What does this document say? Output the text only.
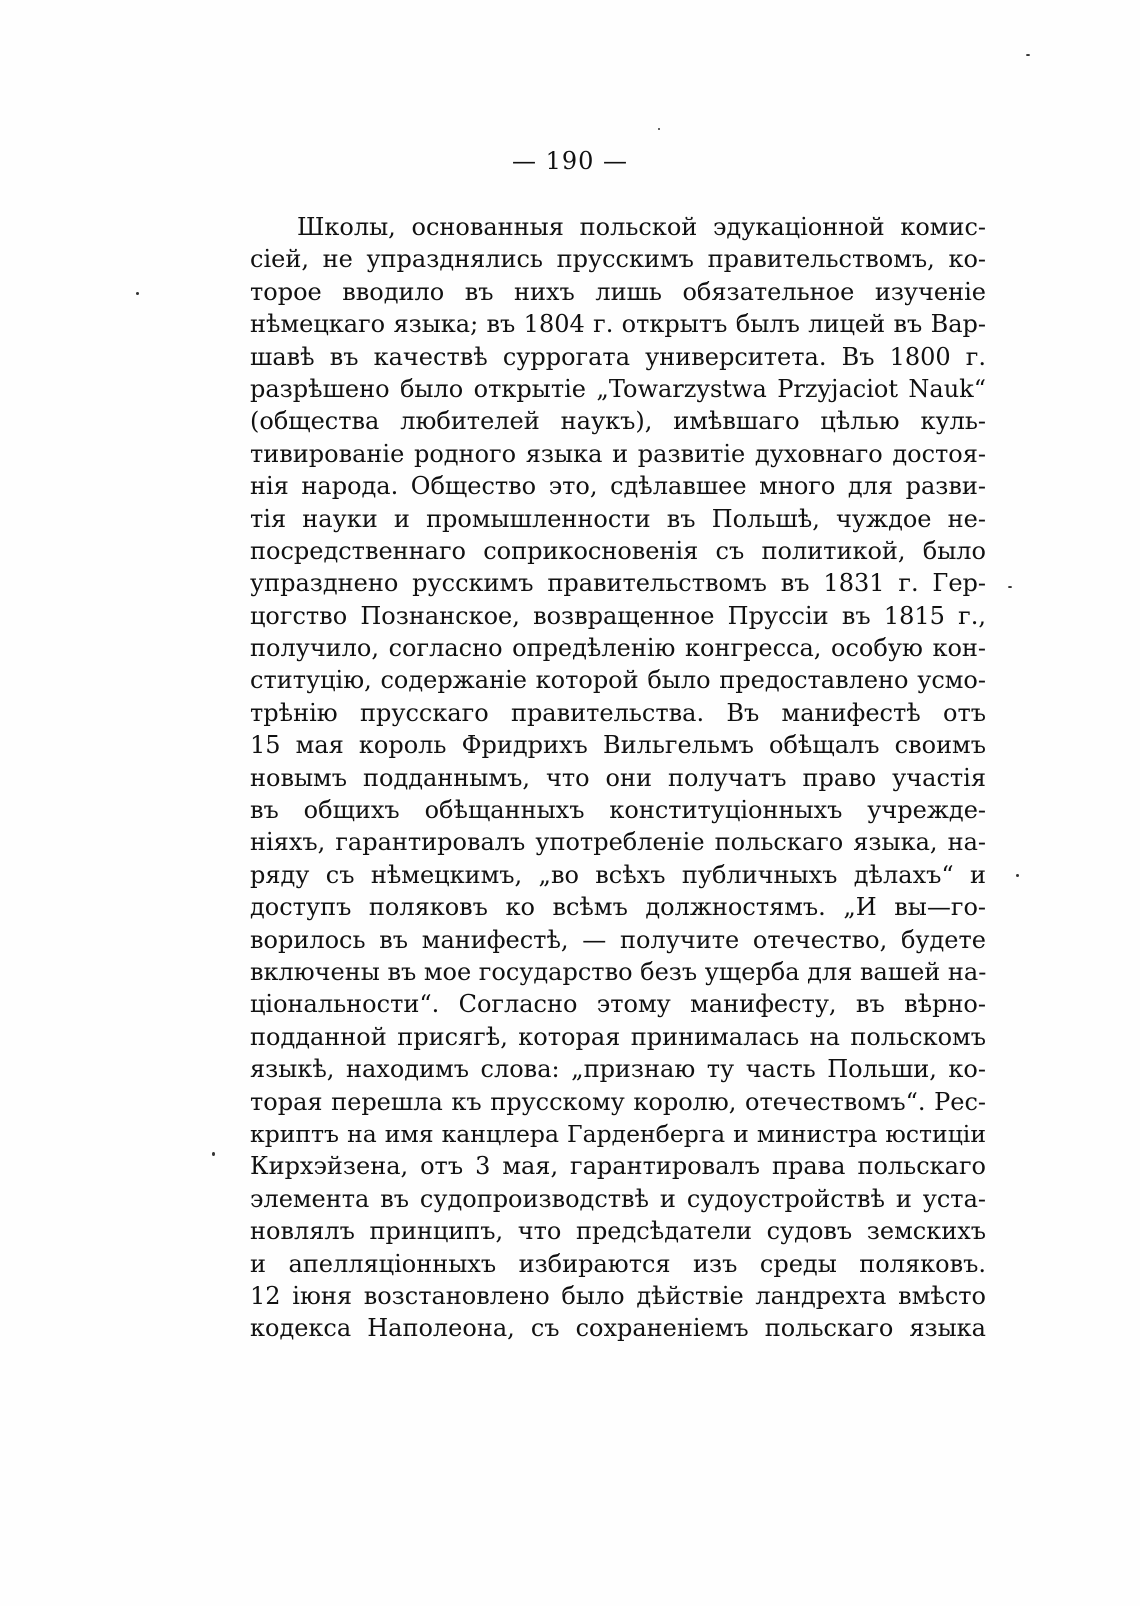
— 190 —
Школы, основанныя польской эдукаціонной комис-
сіей, не упразднялись прусскимъ правительствомъ, ко-
торое вводило въ нихъ лишь обязательное изученіе
нѣмецкаго языка; въ 1804 г. открытъ былъ лицей въ Вар-
шавѣ въ качествѣ суррогата университета. Въ 1800 г.
разрѣшено было открытіе „Towarzystwa Przyjaciot Nauk“
(общества любителей наукъ), имѣвшаго цѣлью куль-
тивированіе родного языка и развитіе духовнаго достоя-
нія народа. Общество это, сдѣлавшее много для разви-
тія науки и промышленности въ Польшѣ, чуждое не-
посредственнаго соприкосновенія съ политикой, было
упразднено русскимъ правительствомъ въ 1831 г. Гер-
цогство Познанское, возвращенное Пруссіи въ 1815 г.,
получило, согласно опредѣленію конгресса, особую кон-
ституцію, содержаніе которой было предоставлено усмо-
трѣнію прусскаго правительства. Въ манифестѣ отъ
15 мая король Фридрихъ Вильгельмъ обѣщалъ своимъ
новымъ подданнымъ, что они получатъ право участія
въ общихъ обѣщанныхъ конституціонныхъ учрежде-
ніяхъ, гарантировалъ употребленіе польскаго языка, на-
ряду съ нѣмецкимъ, „во всѣхъ публичныхъ дѣлахъ“ и
доступъ поляковъ ко всѣмъ должностямъ. „И вы—го-
ворилось въ манифестѣ, — получите отечество, будете
включены въ мое государство безъ ущерба для вашей на-
ціональности“. Согласно этому манифесту, въ вѣрно-
подданной присягѣ, которая принималась на польскомъ
языкѣ, находимъ слова: „признаю ту часть Польши, ко-
торая перешла къ прусскому королю, отечествомъ“. Рес-
криптъ на имя канцлера Гарденберга и министра юстиціи
Кирхэйзена, отъ 3 мая, гарантировалъ права польскаго
элемента въ судопроизводствѣ и судоустройствѣ и уста-
новлялъ принципъ, что предсѣдатели судовъ земскихъ
и апелляціонныхъ избираются изъ среды поляковъ.
12 іюня возстановлено было дѣйствіе ландрехта вмѣсто
кодекса Наполеона, съ сохраненіемъ польскаго языка
